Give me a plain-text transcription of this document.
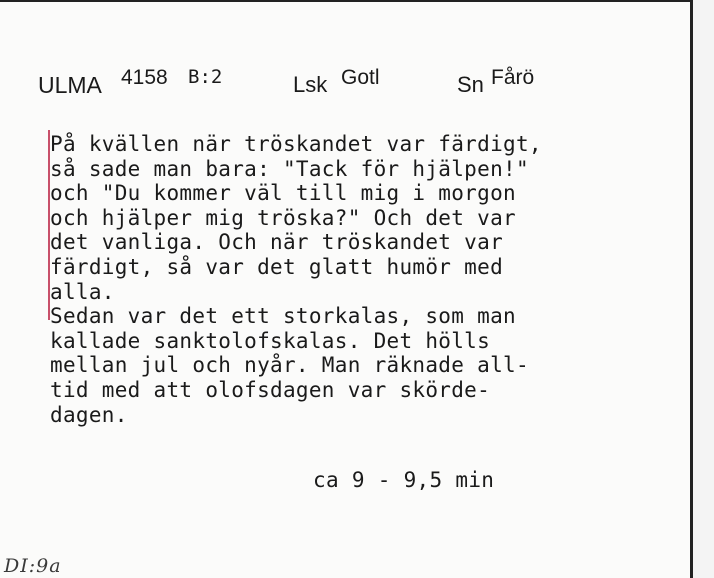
ULMA 4158 B:2	Lsk Gotl	Sn Fårö
På kvällen när tröskandet var färdigt,
så sade man bara: "Tack för hjälpen!"
och "Du kommer väl till mig i morgon
och hjälper mig tröska?" Och det var
det vanliga. Och när tröskandet var
färdigt, så var det glatt humör med
alla.
Sedan var det ett storkalas, som man
kallade sanktolofskalas. Det hölls
mellan jul och nyår. Man räknade all-
tid med att olofsdagen var skörde-
dagen.
ca 9 - 9,5 min
DI:9a
